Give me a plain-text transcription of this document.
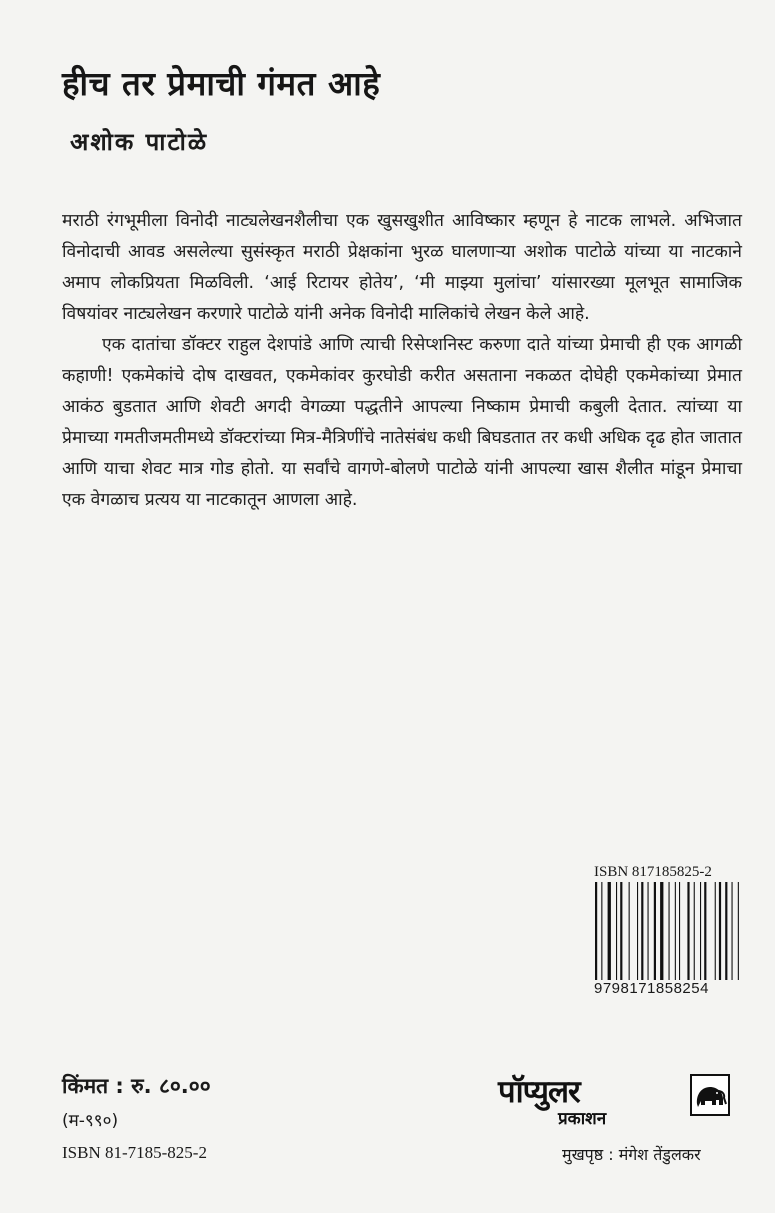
हीच तर प्रेमाची गंमत आहे
अशोक पाटोळे

मराठी रंगभूमीला विनोदी नाट्यलेखनशैलीचा एक खुसखुशीत आविष्कार म्हणून हे नाटक लाभले. अभिजात विनोदाची आवड असलेल्या सुसंस्कृत मराठी प्रेक्षकांना भुरळ घालणाऱ्या अशोक पाटोळे यांच्या या नाटकाने अमाप लोकप्रियता मिळविली. ‘आई रिटायर होतेय’, ‘मी माझ्या मुलांचा’ यांसारख्या मूलभूत सामाजिक विषयांवर नाट्यलेखन करणारे पाटोळे यांनी अनेक विनोदी मालिकांचे लेखन केले आहे.

एक दातांचा डॉक्टर राहुल देशपांडे आणि त्याची रिसेप्शनिस्ट करुणा दाते यांच्या प्रेमाची ही एक आगळी कहाणी! एकमेकांचे दोष दाखवत, एकमेकांवर कुरघोडी करीत असताना नकळत दोघेही एकमेकांच्या प्रेमात आकंठ बुडतात आणि शेवटी अगदी वेगळ्या पद्धतीने आपल्या निष्काम प्रेमाची कबुली देतात. त्यांच्या या प्रेमाच्या गमतीजमतीमध्ये डॉक्टरांच्या मित्र-मैत्रिणींचे नातेसंबंध कधी बिघडतात तर कधी अधिक दृढ होत जातात आणि याचा शेवट मात्र गोड होतो. या सर्वांचे वागणे-बोलणे पाटोळे यांनी आपल्या खास शैलीत मांडून प्रेमाचा एक वेगळाच प्रत्यय या नाटकातून आणला आहे.

ISBN 817185825-2
9798171858254
किंमत : रु. ८०.००
(म-९९०)
ISBN 81-7185-825-2
पॉप्युलर
प्रकाशन
मुखपृष्ठ : मंगेश तेंडुलकर
